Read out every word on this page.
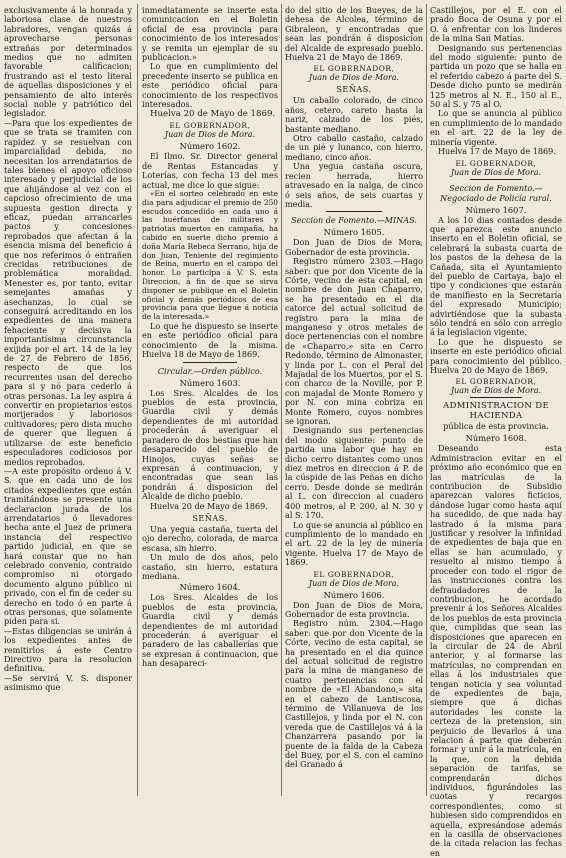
exclusivamente á la honrada y laboriosa clase de nuestros labradores, vengan quizás á aprovecharse personas extrañas por determinados medios que no admiten favorable calificacion; frustrando asi el testo literal de aquellas disposiciones y el pensamiento de alto interés social noble y patriótico del legislador.

—Para que los expedientes de que se trata se tramiten con rapidez y se resuelvan con imparcialidad debida, no necesitan los arrendatarios de tales bienes el apoyo oficioso interesado y perjudicial de los que ahijándose al vez con el capcioso ofrecimiento de una supuesta gestion directa y eficaz, puedan arrancarles pactos y concesiones reprobados que afectan á la esencia misma del beneficio á que nos referimos ó entrañen crecidas retribuciones de problemática moralidad. Menester es, por tanto, evitar semejantes amañas y asechanzas, lo cual se conseguirá acreditando en los expedientes de una manera fehaciente y decisiva la importantísima circunstancia exijida por el art. 14 de la ley de 27 de Febrero de 1856, respecto de que los recurrentes usan del derecho para si y nó para cederlo á otras personas. La ley aspira á convertir en propietarios estos morijerados y laboriosos cultivadores; pero dista mucho de querer que lleguen á utilizarse de este beneficio especuladores codiciosos por medios reprobados.

—A este propósito ordeno á V. S. que en cada uno de los citados expedientes que están tramitándose se presente una declaracion jurada de los arrendatarios ó llevadores hecha ante el Juez de primera instancia del respectivo partido judicial, en que se hará constar que no han celebrado convenio, contraido compromiso ni otorgado documento alguno público ni privado, con el fin de ceder su derecho en todo ó en parte á otras personas, que solamente piden para si.

—Estas diligencias se unirán á los expedientes antes de remitirlos á este Centro Directivo para la resolucion definitiva.

—Se servirá V. S. disponer asimismo que

inmediatamente se inserte esta comunicacion en el Boletin oficial de esa provincia para conocimiento de los interesados y se remita un ejemplar de su publicacion.»

Lo que en cumplimiento del precedente inserto se publica en este periódico oficial para conocimiento de los respectivos interesados.

Huelva 20 de Mayo de 1869.

EL GOBERNADOR,
Juan de Dios de Mora.
Número 1602.

El Ilmo. Sr. Director general de Rentas Estancadas y Loterías, con fecha 13 del mes actual, me dice lo que sigue:

«En el sorteo celebrado en este dia para adjudicar el premio de 250 escudos concedido en cada uno á las huérfanas de militares y patriotas muertos en campaña, ha cabido en suerte dicho premio á doña María Rebeca Serrano, hija de don Juan, Teniente del regimiento de Reina, muerto en el campo del honor. Lo participa á V. S. esta Direccion, á fin de que se sirva disponer se publique en el Boletin oficial y demás periódicos de esa provincia para que llegue á noticia de la interesada.»

Lo que he dispuesto se inserte en este periódico oficial para conocimiento de la misma. Huelva 18 de Mayo de 1869.

Circular.—Orden público.
Número 1603.

Los Sres. Alcaldes de los pueblos de esta provincia, Guardia civil y demás dependientes de mi autoridad procederán á averiguar el paradero de dos bestias que han desaparecido del pueblo de Hinojos, cuyas señas se expresan á continuacion, y encontradas que sean las pondrán á disposicion del Alcalde de dicho pueblo.

Huelva 20 de Mayo de 1869.

SEÑAS.

Una yegua castaña, tuerta del ojo derecho, colorada, de marca escasa, sin hierro.

Un mulo de dos años, pelo castaño, sin hierro, estatura mediana.

Número 1604.

Los Sres. Alcaldes de los pueblos de esta provincia, Guardia civil y demás dependientes de mi autoridad procederán á averiguar el paradero de las caballerías que se expresan á continuacion, que han desapareci-

do del sitio de los Bueyes, de la dehesa de Alcolea, término de Gibraleon, y encontradas que sean las pondrán á disposicion del Alcalde de expresado pueblo. Huelva 21 de Mayo de 1869.

EL GOBERNADOR,
Juan de Dios de Mora.
SEÑAS.

Un caballo colorado, de cinco años, cetero, careto hasta la nariz, calzado de los piés, bastante mediano.

Otro caballo castaño, calzado de un pié y lunanco, con hierro, mediano, cinco años.

Una yegua castaña oscura, recien herrada, hierro atravesado en la nalga, de cinco ó seis años, de seis cuartas y media.

Seccion de Fomento.—MINAS.
Número 1605.

Don Juan de Dios de Mora, Gobernador de esta provincia.

Registro número 2303.—Hago saber: que por don Vicente de la Córte, vecino de esta capital, en nombre de don Juan Chaparro, se ha presentado en el dia catorce del actual solicitud de registro para la mina de manganeso y otros metales de doce pertenencias con el nombre de «Chaparro,» sita en Cerro Redondo, término de Almonaster, y linda por L. con el Peral del Majadal de los Muertos, por el S. con charco de la Noville, por P. con majadal de Monte Romero y por N. con mina cobriza en Monte Romero, cuyos nombres se ignoran.

Designando sus pertenencias del modo siguiente: punto de partida una labor que hay en dicho cerro distantes como unos diez metros en direccion á P. de la cúspide de las Peñas en dicho cerro. Desde donde se medirán al L. con direccion al cuadero 400 metros, al P. 200, al N. 30 y al S. 170.

Lo que se anuncia al público en cumplimiento de lo mandado en el art. 22 de la ley de minería vigente. Huelva 17 de Mayo de 1869.

EL GOBERNADOR,
Juan de Dios de Mora.
Número 1606.

Don Juan de Dios de Mora, Gobernador de esta provincia.

Registro núm. 2304.—Hago saber: que por don Vicente de la Córte, vecino de esta capital, se ha presentado en el dia quince del actual solicitud de registro para la mina de manganeso de cuatro pertenencias con el nombre de «El Abandono,» sita en el cabezo de Lantiscosa, término de Villanueva de los Castillejos, y linda por el N. con vereda que de Castillejos vá á la Chanzarrera pasando por la puente de la falda de la Cabeza del Buey, por el S. con el camino del Granado á

Castillejos, por el E. con el prado Boca de Osuna y por el O. á enfrentar con los linderos de la mina San Matías.

Designando sus pertenencias del modo siguiente: punto de partida un pozo que se halla en el referido cabezo á parte del S. Desde dicho punto se medirán 125 metros al N. E., 150 al E., 50 al S. y 75 al O.

Lo que se anuncia al público en cumplimiento de lo mandado en el art. 22 de la ley de minería vigente.

Huelva 17 de Mayo de 1869.

EL GOBERNADOR,
Juan de Dios de Mora.
Seccion de Fomento.—Negociado de Policía rural.
Número 1607.

A los 10 dias contados desde que aparezca este anuncio inserto en el Boletin oficial, se celebrará la subasta cuarta de los pastos de la dehesa de la Cañada, sita el Ayuntamiento del pueblo de Cartaya, bajo el tipo y condiciones que estarán de manifiesto en la Secretaría del expresado Municipio; advirtiéndose que la subasta sólo tendrá en sólo con arreglo á la legislacion vigente.

Lo que he dispuesto se inserte en este periódico oficial para conocimiento del público. Huelva 20 de Mayo de 1869.

EL GOBERNADOR,
Juan de Dios de Mora.
ADMINISTRACION DE HACIENDA
pública de esta provincia.
Número 1608.

Deseando esta Administracion evitar en el próximo año económico que en las matrículas de la contribucion de Subsidio aparezcan valores ficticios, dándose lugar como hasta aquí ha sucedido, de que nada hay lastrado á la misma para justificar y resolver la infinidad de expedientes de baja que en ellas se han acumulado, y resuelto al mismo tiempo á proceder con todo el rigor de las instrucciones contra los defraudadores de la contribucion, he acordado prevenir á los Señores Alcaldes de los pueblos de esta provincia que, cumplidas que sean las disposiciones que aparecen en la circular de 24 de Abril anterior, y al formarse las matrículas, no comprendan en ellas á los industriales que tengan noticia y sea voluntad de expedientes de baja, siempre que á dichas autoridades les conste la certeza de la pretension, sin perjuicio de llevarlos á una relacion á parte que deberán formar y unir á la matrícula, en la que, con la debida separacion de tarifas, se comprendarán dichos individuos, figurándoles las cuotas y recargos correspondientes, como si hubiesen sido comprendidos en aquella, expresándose además en la casilla de observaciones de la citada relacion las fechas en
